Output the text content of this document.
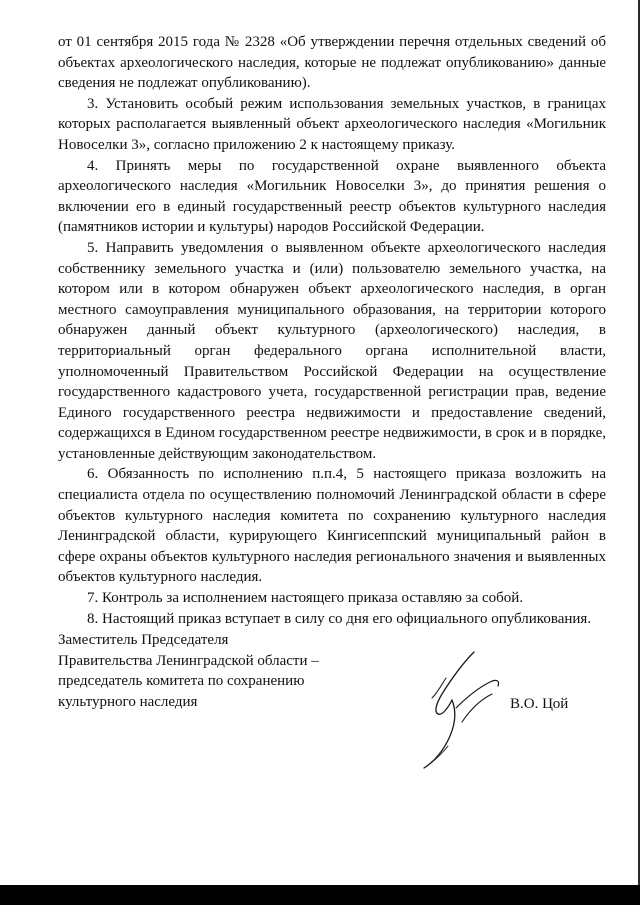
от 01 сентября 2015 года № 2328 «Об утверждении перечня отдельных сведений об объектах археологического наследия, которые не подлежат опубликованию» данные сведения не подлежат опубликованию).

3. Установить особый режим использования земельных участков, в границах которых располагается выявленный объект археологического наследия «Могильник Новоселки 3», согласно приложению 2 к настоящему приказу.

4. Принять меры по государственной охране выявленного объекта археологического наследия «Могильник Новоселки 3», до принятия решения о включении его в единый государственный реестр объектов культурного наследия (памятников истории и культуры) народов Российской Федерации.

5. Направить уведомления о выявленном объекте археологического наследия собственнику земельного участка и (или) пользователю земельного участка, на котором или в котором обнаружен объект археологического наследия, в орган местного самоуправления муниципального образования, на территории которого обнаружен данный объект культурного (археологического) наследия, в территориальный орган федерального органа исполнительной власти, уполномоченный Правительством Российской Федерации на осуществление государственного кадастрового учета, государственной регистрации прав, ведение Единого государственного реестра недвижимости и предоставление сведений, содержащихся в Едином государственном реестре недвижимости, в срок и в порядке, установленные действующим законодательством.

6. Обязанность по исполнению п.п.4, 5 настоящего приказа возложить на специалиста отдела по осуществлению полномочий Ленинградской области в сфере объектов культурного наследия комитета по сохранению культурного наследия Ленинградской области, курирующего Кингисеппский муниципальный район в сфере охраны объектов культурного наследия регионального значения и выявленных объектов культурного наследия.

7. Контроль за исполнением настоящего приказа оставляю за собой.

8. Настоящий приказ вступает в силу со дня его официального опубликования.

Заместитель Председателя
Правительства Ленинградской области –
председатель комитета по сохранению
культурного наследия	В.О. Цой
